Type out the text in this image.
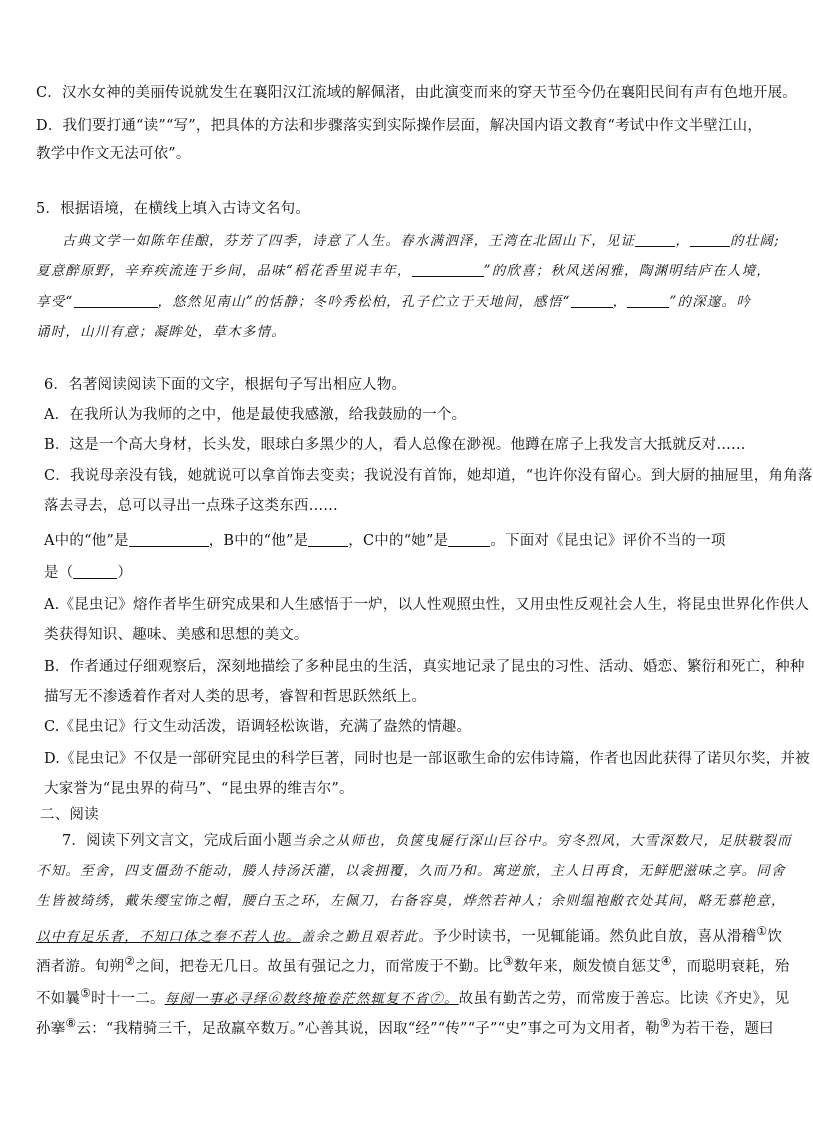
C．汉水女神的美丽传说就发生在襄阳汉江流域的解佩渚，由此演变而来的穿天节至今仍在襄阳民间有声有色地开展。
D．我们要打通“读”“写”，把具体的方法和步骤落实到实际操作层面，解决国内语文教育“考试中作文半壁江山，
教学中作文无法可依”。
5．根据语境，在横线上填入古诗文名句。
古典文学一如陈年佳酿，芬芳了四季，诗意了人生。春水满泗泽，王湾在北固山下，见证	，	的壮阔;
夏意醉原野，辛弃疾流连于乡间，品味“稻花香里说丰年，	”的欣喜；秋风送闲雅，陶渊明结庐在人境，
享受“	，悠然见南山”的恬静；冬吟秀松柏，孔子伫立于天地间，感悟“	，	”的深邃。吟
诵时，山川有意；凝眸处，草木多情。
6．名著阅读阅读下面的文字，根据句子写出相应人物。
A．在我所认为我师的之中，他是最使我感激，给我鼓励的一个。
B．这是一个高大身材，长头发，眼球白多黑少的人，看人总像在渺视。他蹲在席子上我发言大抵就反对……
C．我说母亲没有钱，她就说可以拿首饰去变卖；我说没有首饰，她却道，“也许你没有留心。到大厨的抽屉里，角角落
落去寻去，总可以寻出一点珠子这类东西……
A中的“他”是	，B中的“他”是	，C中的“她”是	。下面对《昆虫记》评价不当的一项
是（	）
A.《昆虫记》熔作者毕生研究成果和人生感悟于一炉，以人性观照虫性，又用虫性反观社会人生，将昆虫世界化作供人
类获得知识、趣味、美感和思想的美文。
B．作者通过仔细观察后，深刻地描绘了多种昆虫的生活，真实地记录了昆虫的习性、活动、婚恋、繁衍和死亡，种种
描写无不渗透着作者对人类的思考，睿智和哲思跃然纸上。
C.《昆虫记》行文生动活泼，语调轻松诙谐，充满了盎然的情趣。
D.《昆虫记》不仅是一部研究昆虫的科学巨著，同时也是一部讴歌生命的宏伟诗篇，作者也因此获得了诺贝尔奖，并被
大家誉为“昆虫界的荷马”、“昆虫界的维吉尔”。
二、阅读
7．阅读下列文言文，完成后面小题当余之从师也，负箧曳屣行深山巨谷中。穷冬烈风，大雪深数尺，足肤皲裂而
不知。至舍，四支僵劲不能动，媵人持汤沃灌，以衾拥覆，久而乃和。寓逆旅，主人日再食，无鲜肥滋味之享。同舍
生皆被绮绣，戴朱缨宝饰之帽，腰白玉之环，左佩刀，右备容臭，烨然若神人；余则缊袍敝衣处其间，略无慕艳意，
以中有足乐者，不知口体之奉不若人也。盖余之勤且艰若此。予少时读书，一见辄能诵。然负此自放，喜从滑稽①饮
酒者游。旬朔②之间，把卷无几日。故虽有强记之力，而常废于不勤。比③数年来，颇发愤自惩艾④，而聪明衰耗，殆
不如曩⑤时十一二。每阅一事必寻绎⑥数终掩卷茫然辄复不省⑦。故虽有勤苦之劳，而常废于善忘。比读《齐史》，见
孙搴⑧云：“我精骑三千，足敌羸卒数万。”心善其说，因取“经”“传”“子”“史”事之可为文用者，勒⑨为若干卷，题曰
